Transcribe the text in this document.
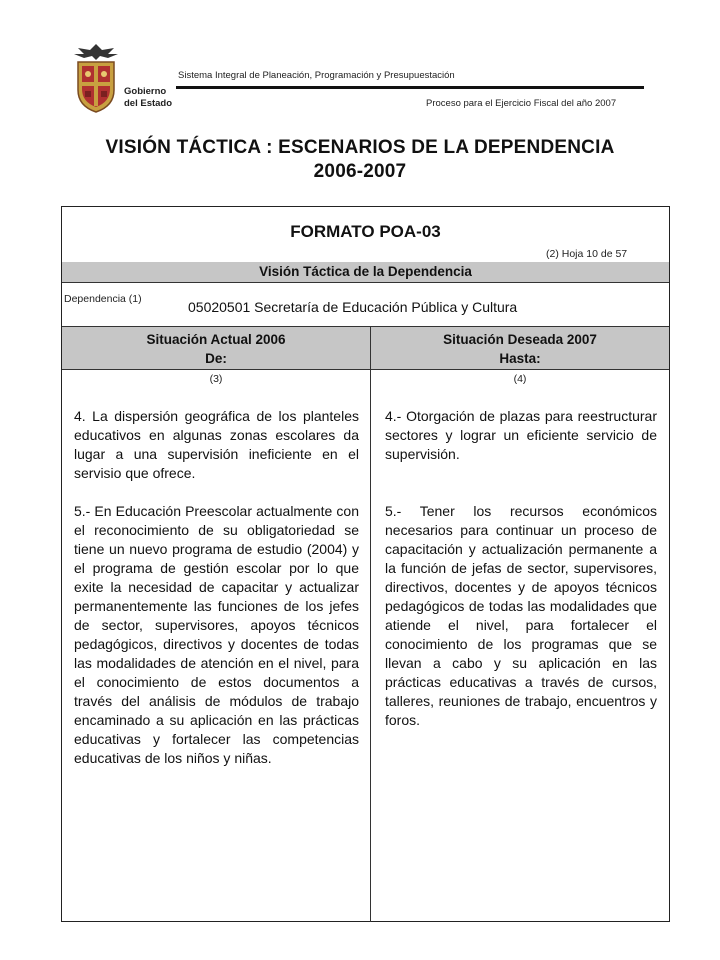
Gobierno
del Estado
Sistema Integral de Planeación, Programación y Presupuestación
Proceso para el Ejercicio Fiscal del año 2007
VISIÓN TÁCTICA : ESCENARIOS DE LA DEPENDENCIA
2006-2007
FORMATO POA-03
(2) Hoja 10 de 57
Visión Táctica de la Dependencia
Dependencia (1)	05020501 Secretaría de Educación Pública y Cultura
Situación Actual 2006
De:
Situación Deseada 2007
Hasta:
(3)	(4)
4. La dispersión geográfica de los planteles educativos en algunas zonas escolares da lugar a una supervisión ineficiente en el servisio que ofrece.
5.- En Educación Preescolar actualmente con el reconocimiento de su obligatoriedad se tiene un nuevo programa de estudio (2004) y el programa de gestión escolar por lo que exite la necesidad de capacitar y actualizar permanentemente las funciones de los jefes de sector, supervisores, apoyos técnicos pedagógicos, directivos y docentes de todas las modalidades de atención en el nivel, para el conocimiento de estos documentos a través del análisis de módulos de trabajo encaminado a su aplicación en las prácticas educativas y fortalecer las competencias educativas de los niños y niñas.
4.- Otorgación de plazas para reestructurar sectores y lograr un eficiente servicio de supervisión.
5.- Tener los recursos económicos necesarios para continuar un proceso de capacitación y actualización permanente a la función de jefas de sector, supervisores, directivos, docentes y de apoyos técnicos pedagógicos de todas las modalidades que atiende el nivel, para fortalecer el conocimiento de los programas que se llevan a cabo y su aplicación en las prácticas educativas a través de cursos, talleres, reuniones de trabajo, encuentros y foros.
